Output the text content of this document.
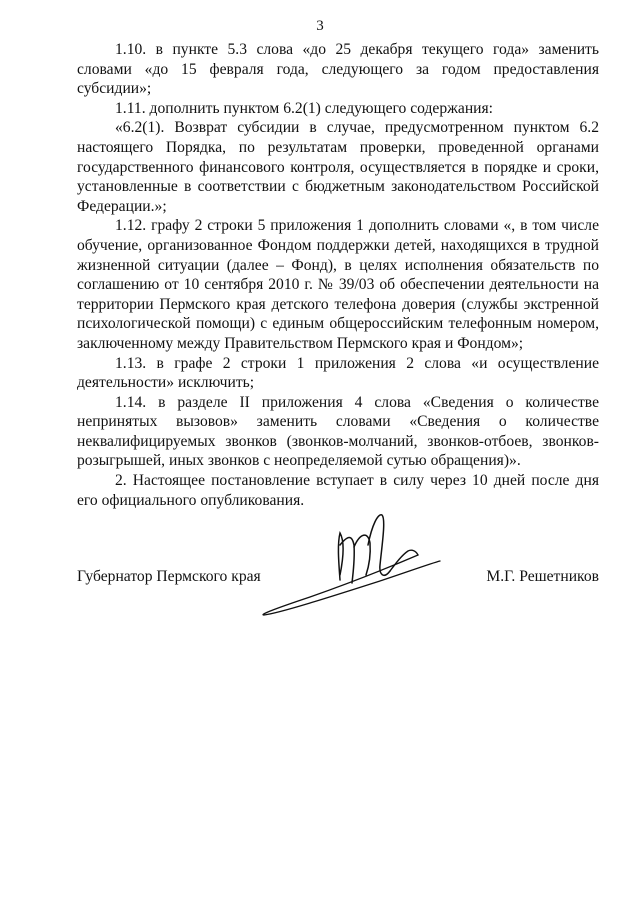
3

1.10. в пункте 5.3 слова «до 25 декабря текущего года» заменить словами «до 15 февраля года, следующего за годом предоставления субсидии»;

1.11. дополнить пунктом 6.2(1) следующего содержания:

«6.2(1). Возврат субсидии в случае, предусмотренном пунктом 6.2 настоящего Порядка, по результатам проверки, проведенной органами государственного финансового контроля, осуществляется в порядке и сроки, установленные в соответствии с бюджетным законодательством Российской Федерации.»;

1.12. графу 2 строки 5 приложения 1 дополнить словами «, в том числе обучение, организованное Фондом поддержки детей, находящихся в трудной жизненной ситуации (далее – Фонд), в целях исполнения обязательств по соглашению от 10 сентября 2010 г. № 39/03 об обеспечении деятельности на территории Пермского края детского телефона доверия (службы экстренной психологической помощи) с единым общероссийским телефонным номером, заключенному между Правительством Пермского края и Фондом»;

1.13. в графе 2 строки 1 приложения 2 слова «и осуществление деятельности» исключить;

1.14. в разделе II приложения 4 слова «Сведения о количестве непринятых вызовов» заменить словами «Сведения о количестве неквалифицируемых звонков (звонков-молчаний, звонков-отбоев, звонков-розыгрышей, иных звонков с неопределяемой сутью обращения)».

2. Настоящее постановление вступает в силу через 10 дней после дня его официального опубликования.

Губернатор Пермского края	М.Г. Решетников
